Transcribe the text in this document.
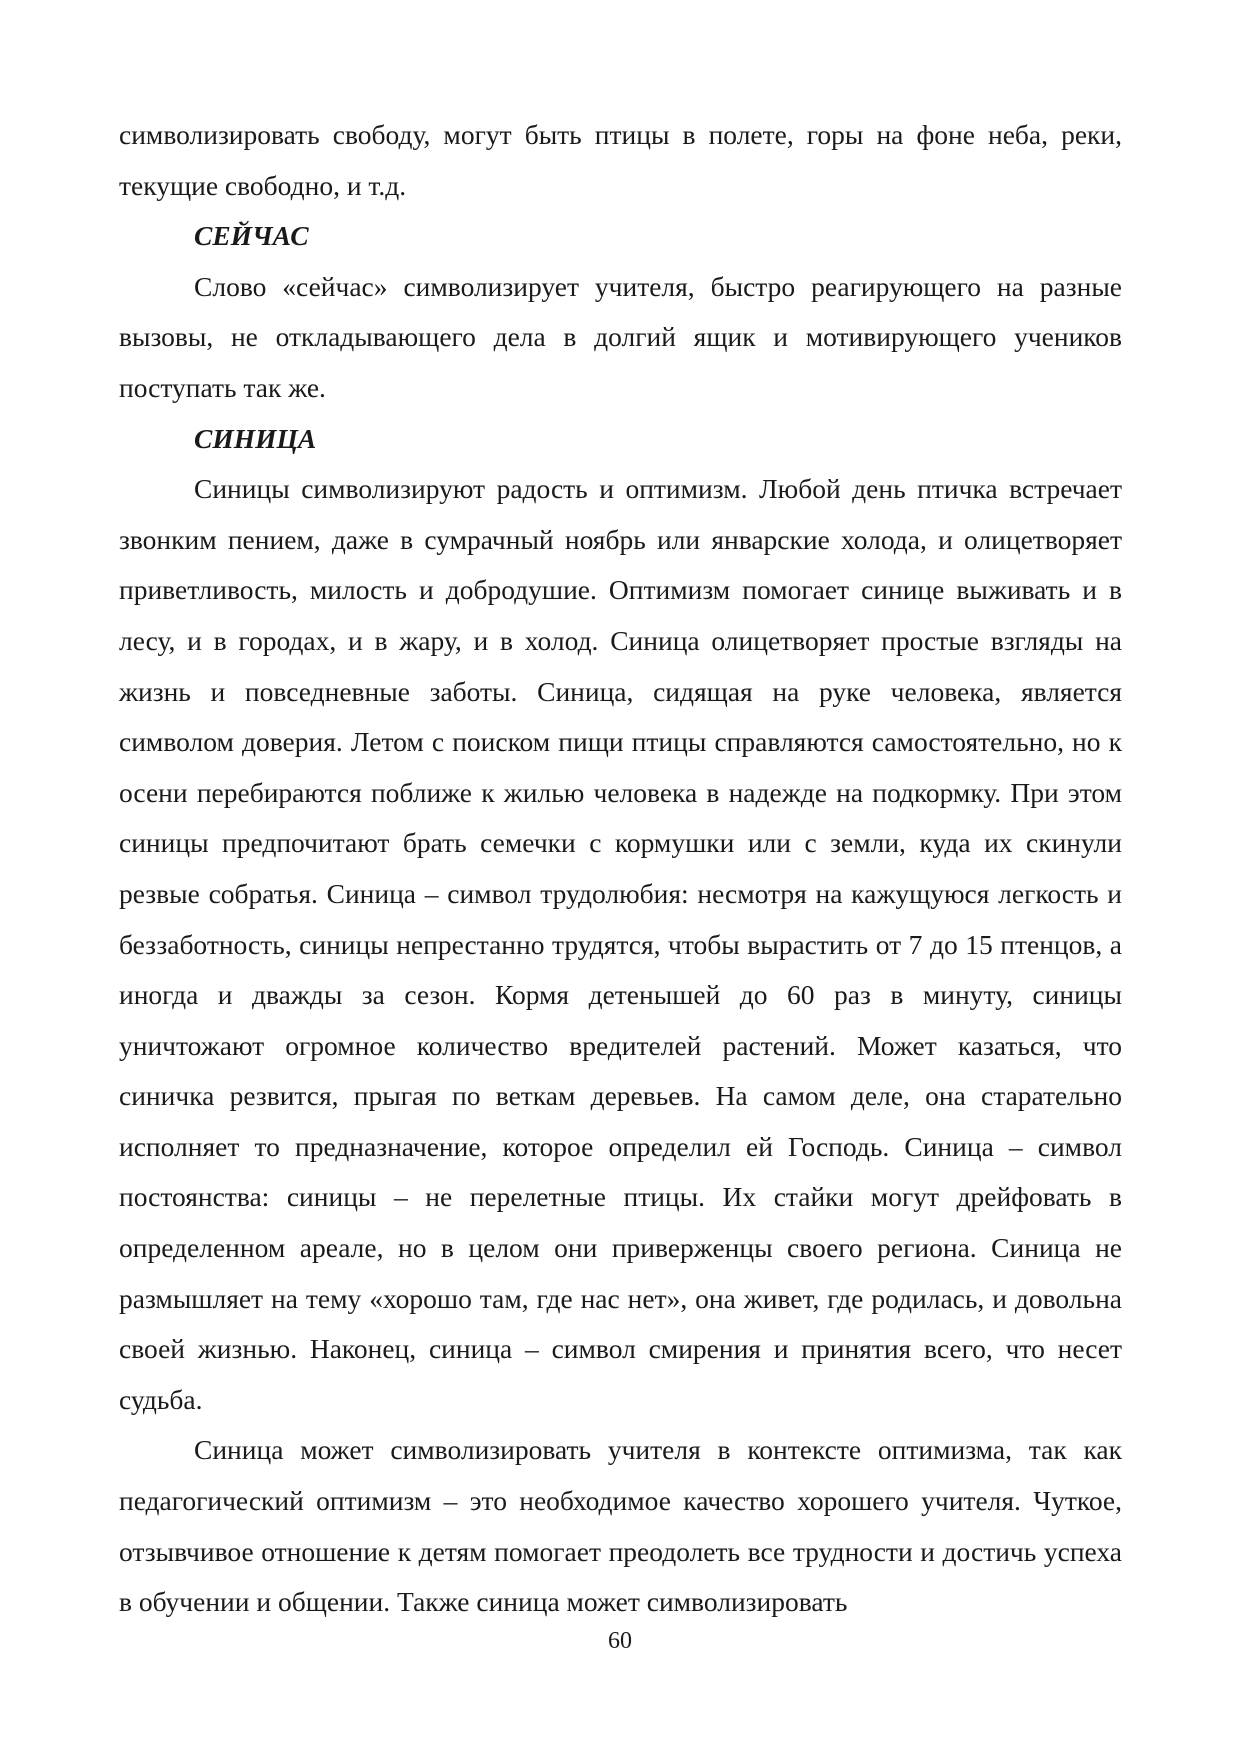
символизировать свободу, могут быть птицы в полете, горы на фоне неба, реки, текущие свободно, и т.д.

СЕЙЧАС

Слово «сейчас» символизирует учителя, быстро реагирующего на разные вызовы, не откладывающего дела в долгий ящик и мотивирующего учеников поступать так же.

СИНИЦА

Синицы символизируют радость и оптимизм. Любой день птичка встречает звонким пением, даже в сумрачный ноябрь или январские холода, и олицетворяет приветливость, милость и добродушие. Оптимизм помогает синице выживать и в лесу, и в городах, и в жару, и в холод. Синица олицетворяет простые взгляды на жизнь и повседневные заботы. Синица, сидящая на руке человека, является символом доверия. Летом с поиском пищи птицы справляются самостоятельно, но к осени перебираются поближе к жилью человека в надежде на подкормку. При этом синицы предпочитают брать семечки с кормушки или с земли, куда их скинули резвые собратья. Синица – символ трудолюбия: несмотря на кажущуюся легкость и беззаботность, синицы непрестанно трудятся, чтобы вырастить от 7 до 15 птенцов, а иногда и дважды за сезон. Кормя детенышей до 60 раз в минуту, синицы уничтожают огромное количество вредителей растений. Может казаться, что синичка резвится, прыгая по веткам деревьев. На самом деле, она старательно исполняет то предназначение, которое определил ей Господь. Синица – символ постоянства: синицы – не перелетные птицы. Их стайки могут дрейфовать в определенном ареале, но в целом они приверженцы своего региона. Синица не размышляет на тему «хорошо там, где нас нет», она живет, где родилась, и довольна своей жизнью. Наконец, синица – символ смирения и принятия всего, что несет судьба.

Синица может символизировать учителя в контексте оптимизма, так как педагогический оптимизм – это необходимое качество хорошего учителя. Чуткое, отзывчивое отношение к детям помогает преодолеть все трудности и достичь успеха в обучении и общении. Также синица может символизировать

60
